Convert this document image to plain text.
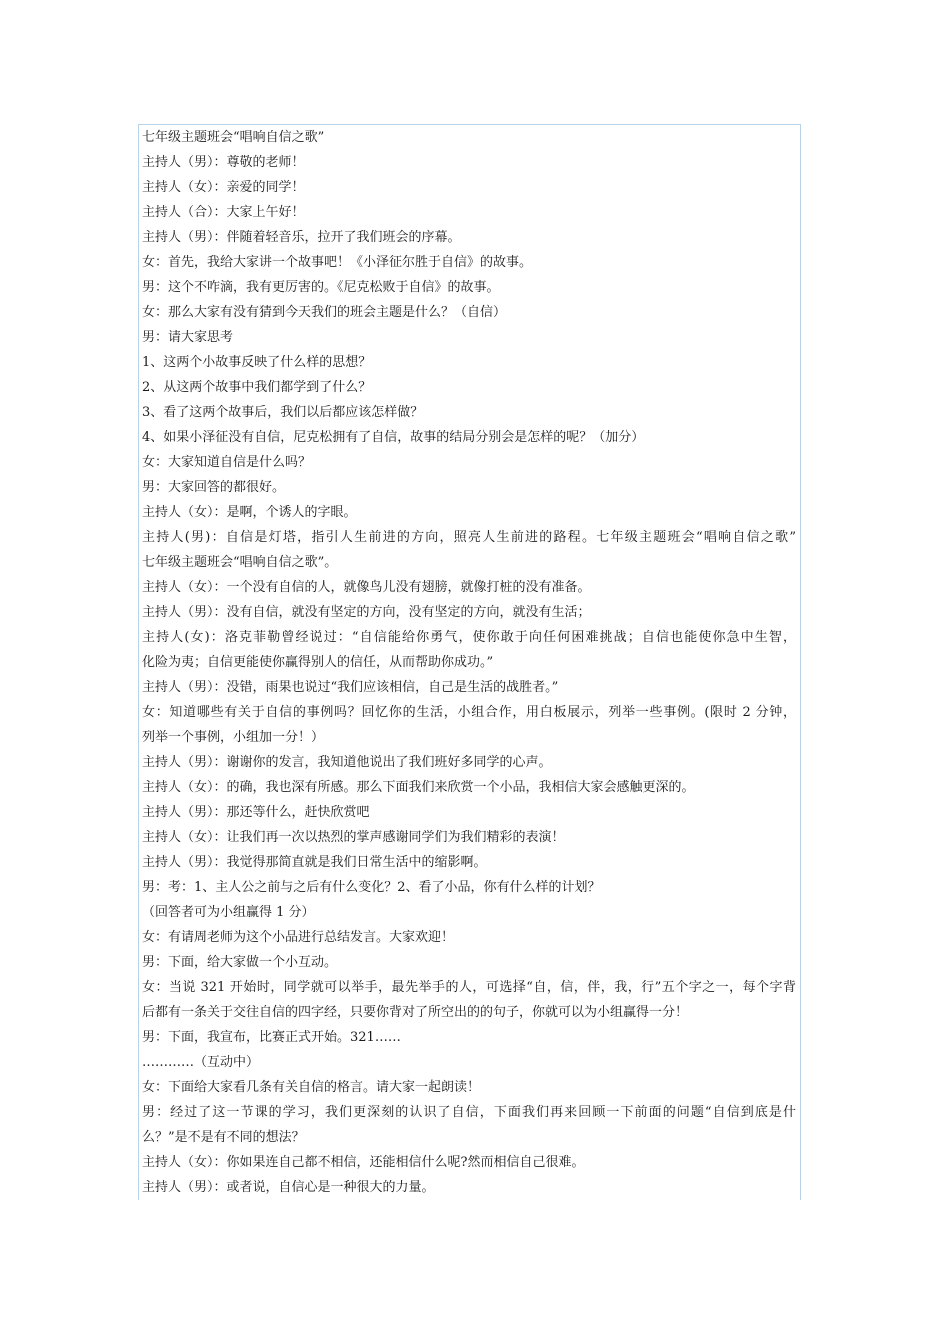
七年级主题班会“唱响自信之歌”
主持人（男）：尊敬的老师！
主持人（女）：亲爱的同学！
主持人（合）：大家上午好！
主持人（男）：伴随着轻音乐，拉开了我们班会的序幕。
女：首先，我给大家讲一个故事吧！《小泽征尔胜于自信》的故事。
男：这个不咋滴，我有更厉害的。《尼克松败于自信》的故事。
女：那么大家有没有猜到今天我们的班会主题是什么？（自信）
男：请大家思考
1、这两个小故事反映了什么样的思想？
2、从这两个故事中我们都学到了什么？
3、看了这两个故事后，我们以后都应该怎样做？
4、如果小泽征没有自信，尼克松拥有了自信，故事的结局分别会是怎样的呢？（加分）
女：大家知道自信是什么吗？
男：大家回答的都很好。
主持人（女）：是啊，个诱人的字眼。
主持人(男)：自信是灯塔，指引人生前进的方向，照亮人生前进的路程。七年级主题班会“唱响自信之歌”
七年级主题班会“唱响自信之歌”。
主持人（女）：一个没有自信的人，就像鸟儿没有翅膀，就像打桩的没有准备。
主持人（男）：没有自信，就没有坚定的方向，没有坚定的方向，就没有生活；
主持人(女)：洛克菲勒曾经说过：“自信能给你勇气，使你敢于向任何困难挑战；自信也能使你急中生智，
化险为夷；自信更能使你赢得别人的信任，从而帮助你成功。”
主持人（男）：没错，雨果也说过“我们应该相信，自己是生活的战胜者。”
女：知道哪些有关于自信的事例吗？回忆你的生活，小组合作，用白板展示，列举一些事例。(限时 2 分钟，
列举一个事例，小组加一分！）
主持人（男）：谢谢你的发言，我知道他说出了我们班好多同学的心声。
主持人（女）：的确，我也深有所感。那么下面我们来欣赏一个小品，我相信大家会感触更深的。
主持人（男）：那还等什么，赶快欣赏吧
主持人（女）：让我们再一次以热烈的掌声感谢同学们为我们精彩的表演！
主持人（男）：我觉得那简直就是我们日常生活中的缩影啊。
男：考：1、主人公之前与之后有什么变化？2、看了小品，你有什么样的计划？
（回答者可为小组赢得 1 分）
女：有请周老师为这个小品进行总结发言。大家欢迎！
男：下面，给大家做一个小互动。
女：当说 321 开始时，同学就可以举手，最先举手的人，可选择“自，信，伴，我，行”五个字之一，每个字背
后都有一条关于交往自信的四字经，只要你背对了所空出的的句子，你就可以为小组赢得一分！
男：下面，我宣布，比赛正式开始。321……
…………（互动中）
女：下面给大家看几条有关自信的格言。请大家一起朗读！
男：经过了这一节课的学习，我们更深刻的认识了自信，下面我们再来回顾一下前面的问题“自信到底是什
么？”是不是有不同的想法？
主持人（女）：你如果连自己都不相信，还能相信什么呢?然而相信自己很难。
主持人（男）：或者说，自信心是一种很大的力量。
